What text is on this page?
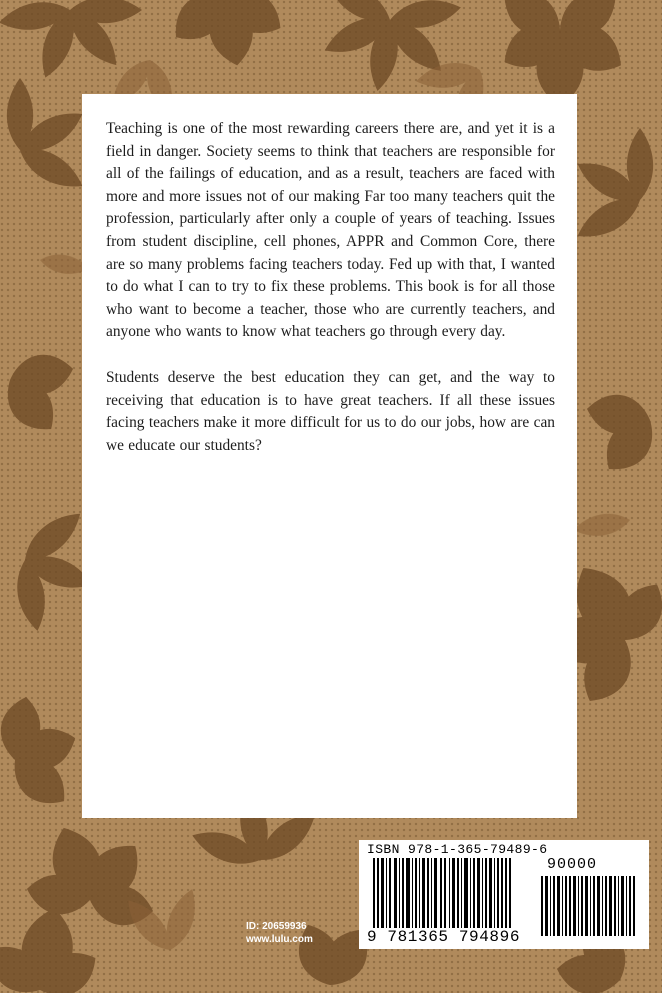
Teaching is one of the most rewarding careers there are, and yet it is a field in danger. Society seems to think that teachers are responsible for all of the failings of education, and as a result, teachers are faced with more and more issues not of our making Far too many teachers quit the profession, particularly after only a couple of years of teaching. Issues from student discipline, cell phones, APPR and Common Core, there are so many problems facing teachers today. Fed up with that, I wanted to do what I can to try to fix these problems. This book is for all those who want to become a teacher, those who are currently teachers, and anyone who wants to know what teachers go through every day.

Students deserve the best education they can get, and the way to receiving that education is to have great teachers. If all these issues facing teachers make it more difficult for us to do our jobs, how are can we educate our students?

ID: 20659936
www.lulu.com
ISBN 978-1-365-79489-6
90000
9 781365 794896
